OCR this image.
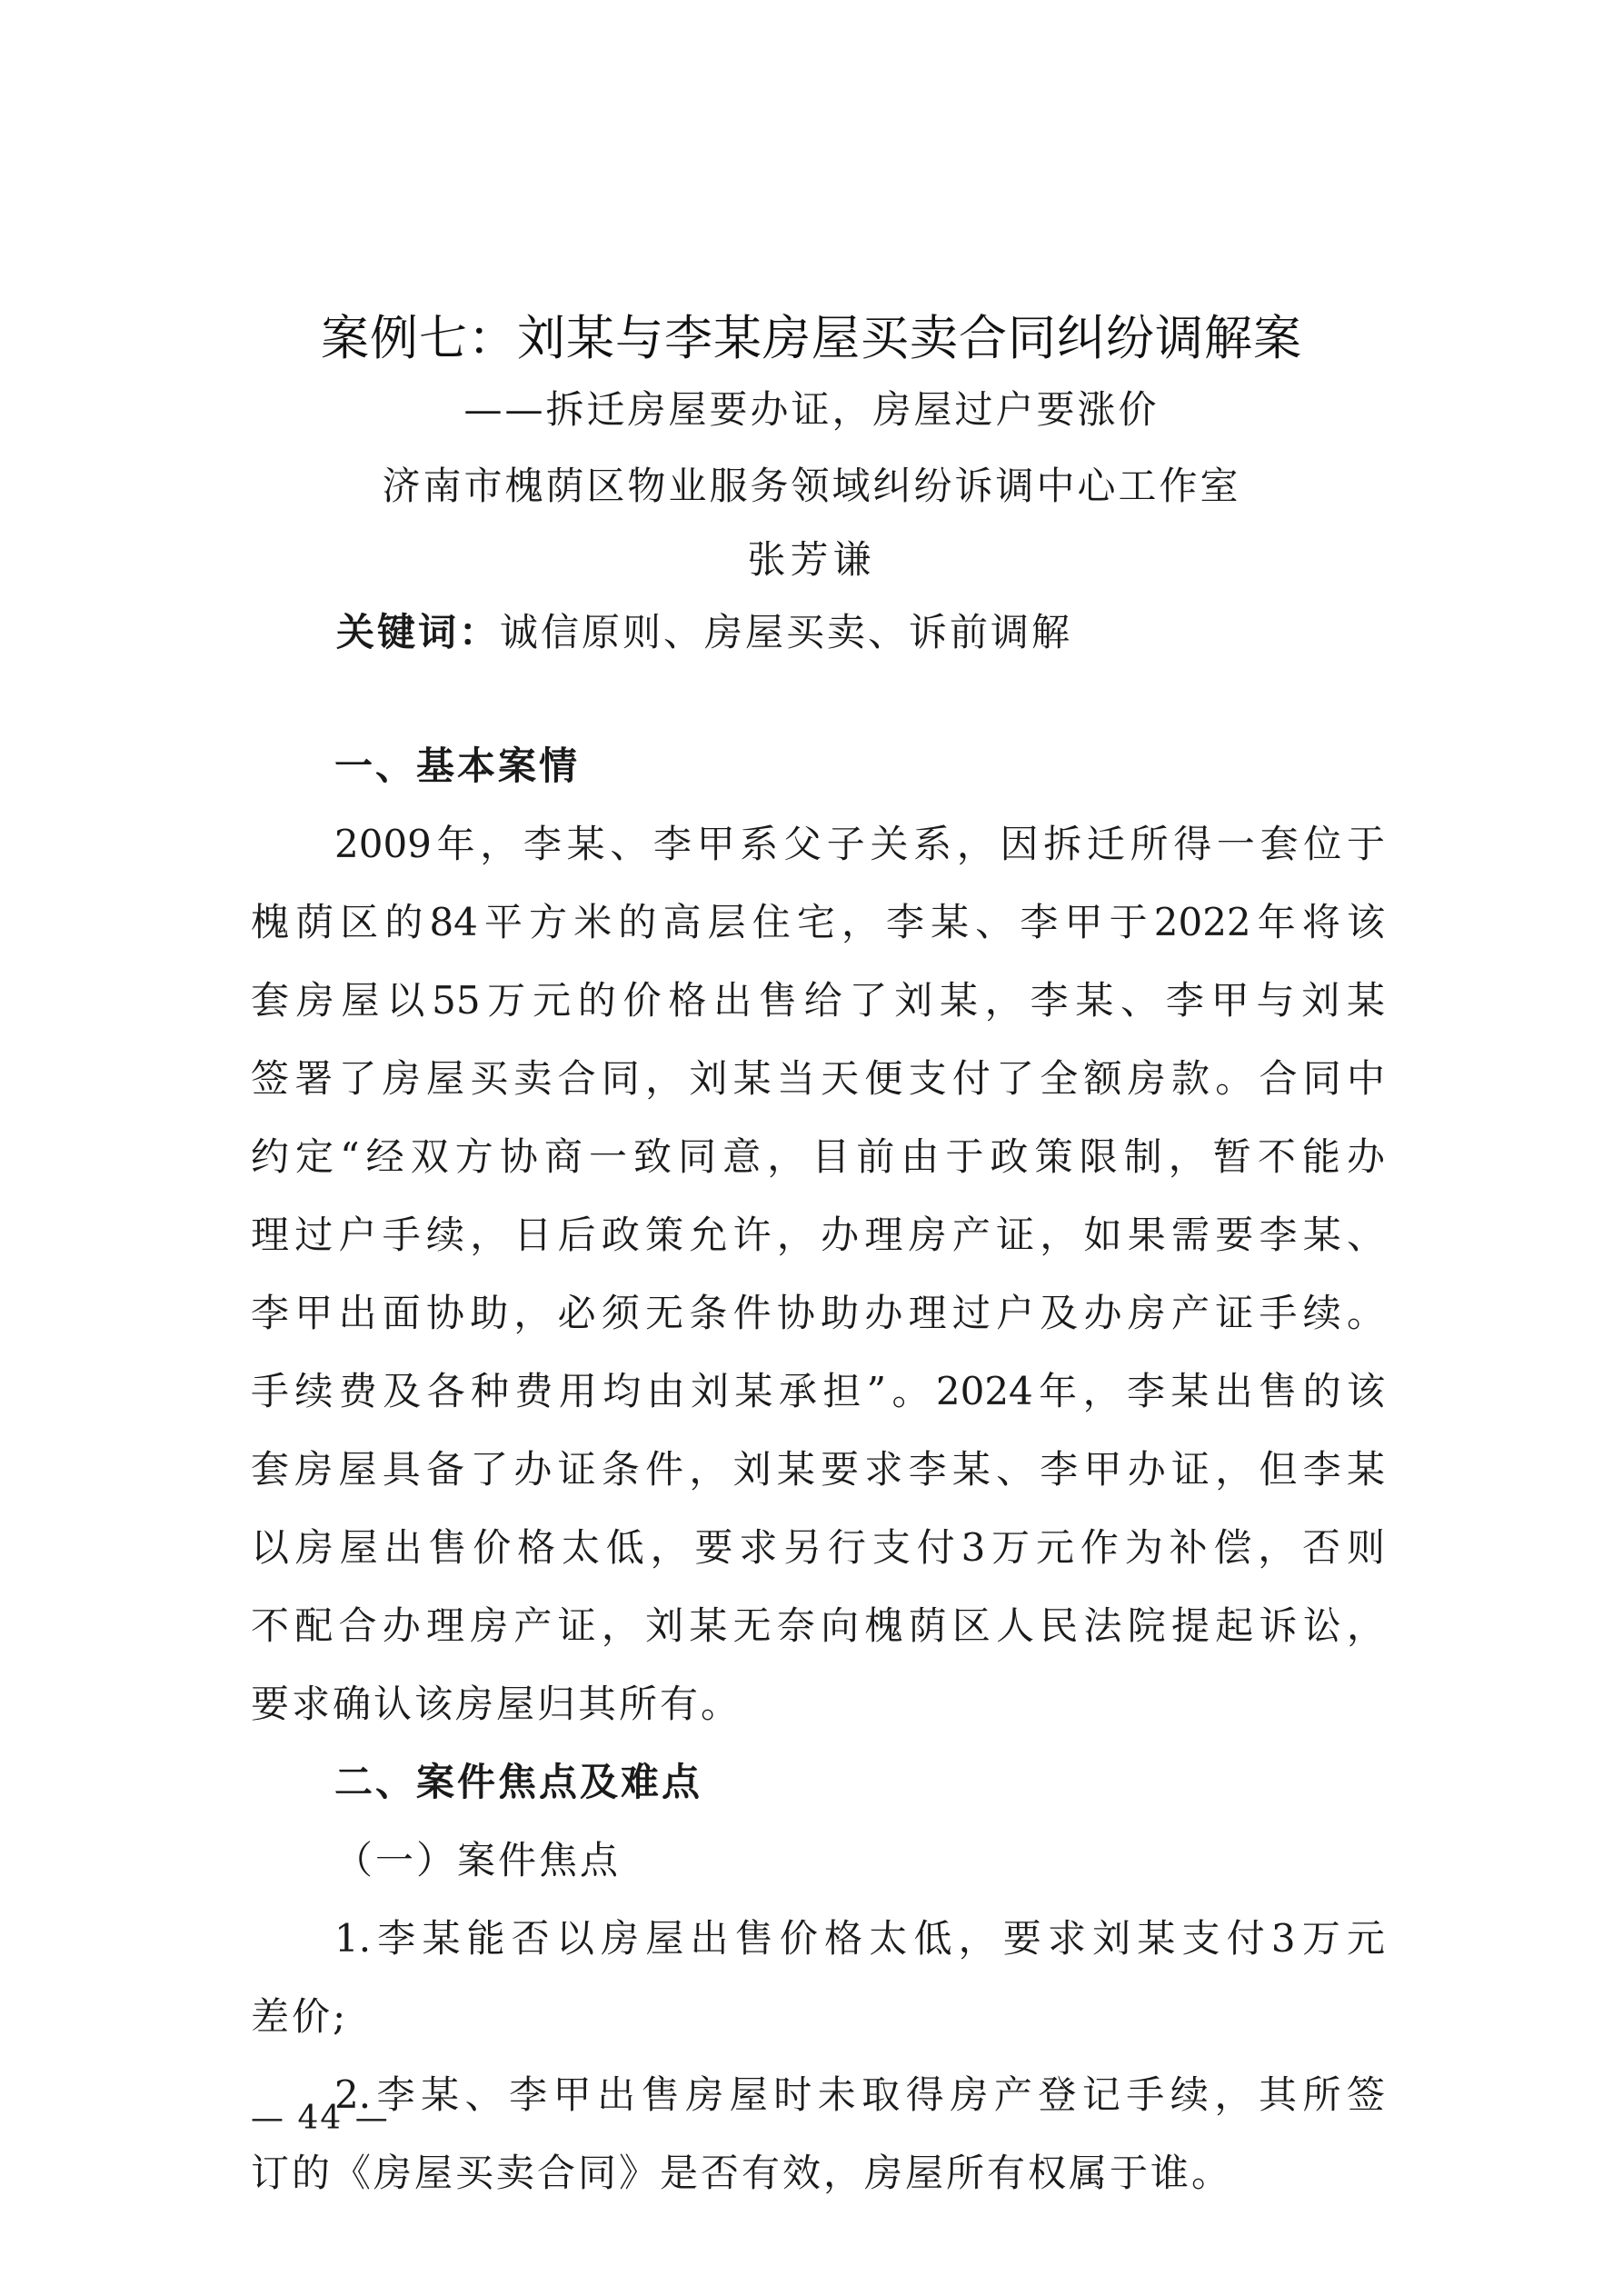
案例七：刘某与李某房屋买卖合同纠纷调解案
——拆迁房屋要办证，房屋过户要涨价
济南市槐荫区物业服务领域纠纷诉调中心工作室
张芳谦
关键词：诚信原则、房屋买卖、诉前调解
一、基本案情
2009年，李某、李甲系父子关系，因拆迁所得一套位于
槐荫区的84平方米的高层住宅，李某、李甲于2022年将该
套房屋以55万元的价格出售给了刘某，李某、李甲与刘某
签署了房屋买卖合同，刘某当天便支付了全额房款。合同中
约定“经双方协商一致同意，目前由于政策限制，暂不能办
理过户手续，日后政策允许，办理房产证，如果需要李某、
李甲出面协助，必须无条件协助办理过户及办房产证手续。
手续费及各种费用均由刘某承担”。2024年，李某出售的该
套房屋具备了办证条件，刘某要求李某、李甲办证，但李某
以房屋出售价格太低，要求另行支付3万元作为补偿，否则
不配合办理房产证，刘某无奈向槐荫区人民法院提起诉讼，
要求确认该房屋归其所有。
二、案件焦点及难点
（一）案件焦点
1.李某能否以房屋出售价格太低，要求刘某支付3万元
差价;
2.李某、李甲出售房屋时未取得房产登记手续，其所签
订的《房屋买卖合同》是否有效，房屋所有权属于谁。
— 44 —
